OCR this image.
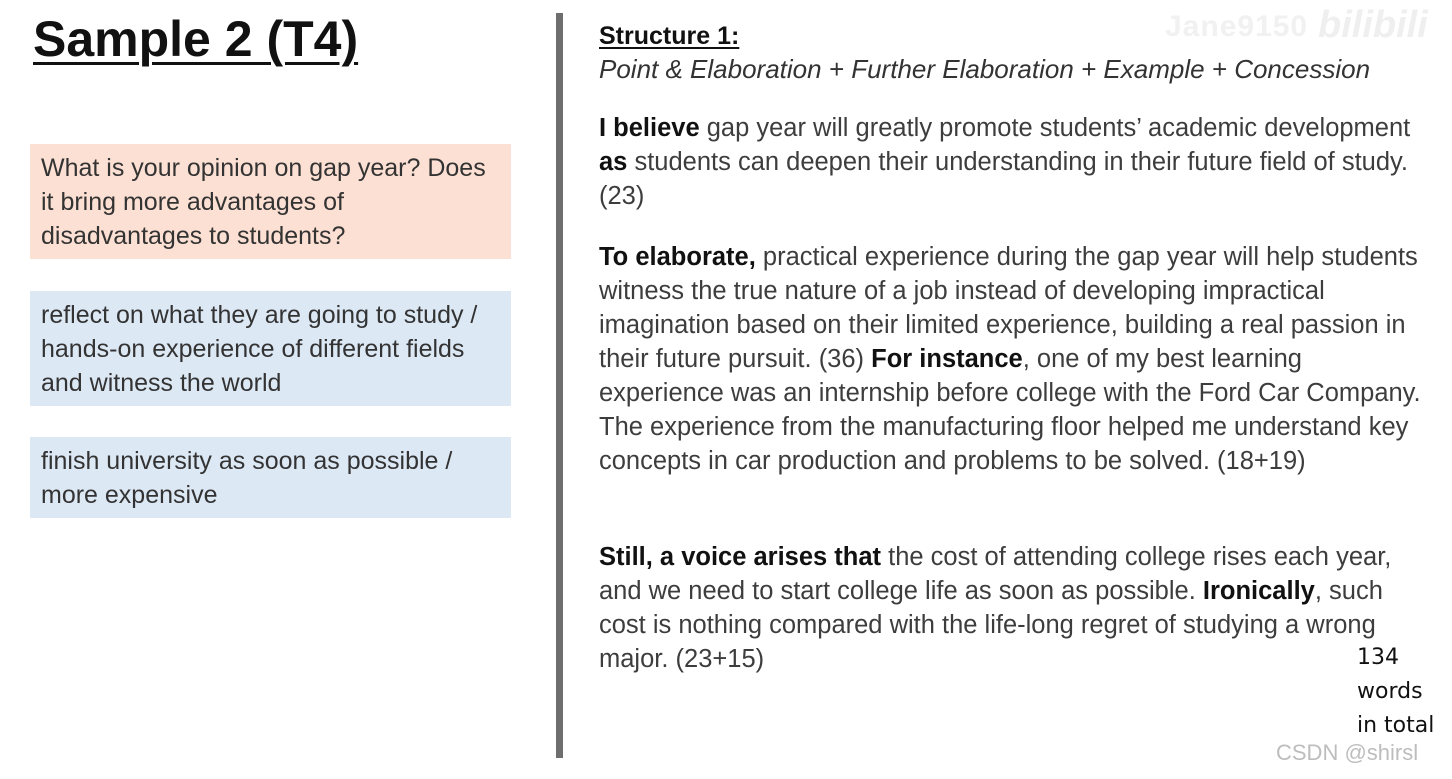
Sample 2 (T4)
What is your opinion on gap year? Does it bring more advantages of disadvantages to students?
reflect on what they are going to study / hands-on experience of different fields and witness the world
finish university as soon as possible / more expensive
Structure 1:
Point & Elaboration + Further Elaboration + Example + Concession
I believe gap year will greatly promote students’ academic development as students can deepen their understanding in their future field of study. (23)
To elaborate, practical experience during the gap year will help students witness the true nature of a job instead of developing impractical imagination based on their limited experience, building a real passion in their future pursuit. (36) For instance, one of my best learning experience was an internship before college with the Ford Car Company. The experience from the manufacturing floor helped me understand key concepts in car production and problems to be solved. (18+19)
Still, a voice arises that the cost of attending college rises each year, and we need to start college life as soon as possible. Ironically, such cost is nothing compared with the life-long regret of studying a wrong major. (23+15)	134 words in total
Jane9150 bilibili
CSDN @shirsl
